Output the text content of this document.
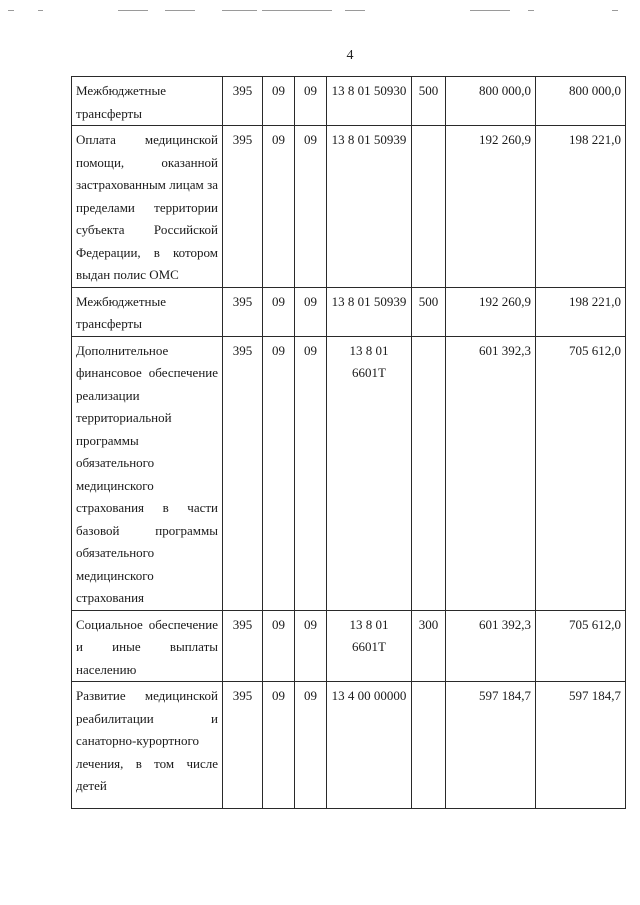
4
Межбюджетные трансферты	395	09	09	13 8 01 50930	500	800 000,0	800 000,0
Оплата медицинской помощи, оказанной застрахованным лицам за пределами территории субъекта Российской Федерации, в котором выдан полис ОМС	395	09	09	13 8 01 50939		192 260,9	198 221,0
Межбюджетные трансферты	395	09	09	13 8 01 50939	500	192 260,9	198 221,0
Дополнительное финансовое обеспечение реализации территориальной программы обязательного медицинского страхования в части базовой программы обязательного медицинского страхования	395	09	09	13 8 01 6601Т		601 392,3	705 612,0
Социальное обеспечение и иные выплаты населению	395	09	09	13 8 01 6601Т	300	601 392,3	705 612,0
Развитие медицинской реабилитации и санаторно-курортного лечения, в том числе детей	395	09	09	13 4 00 00000		597 184,7	597 184,7
